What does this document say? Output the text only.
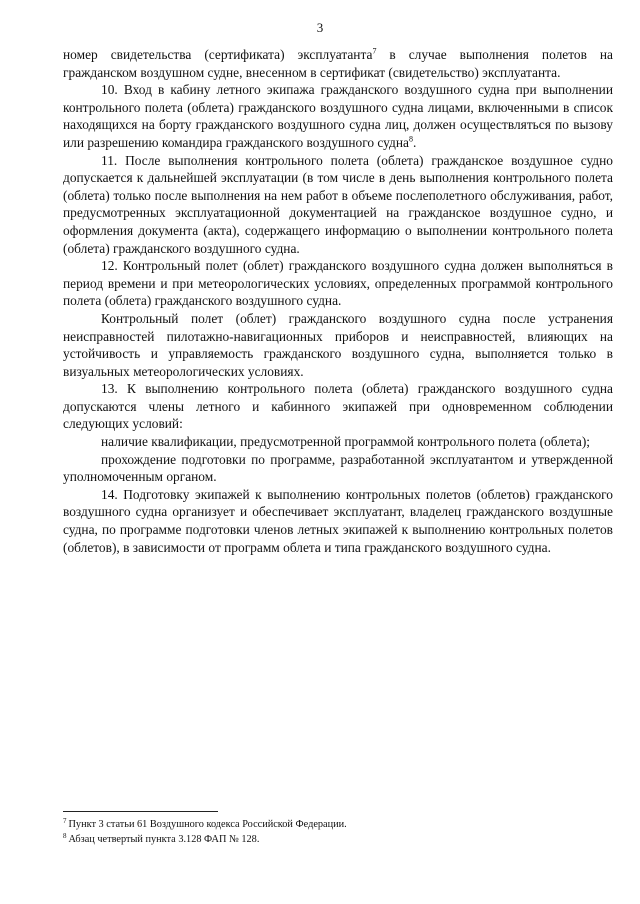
3

номер свидетельства (сертификата) эксплуатанта$^7$ в случае выполнения полетов на гражданском воздушном судне, внесенном в сертификат (свидетельство) эксплуатанта.

10. Вход в кабину летного экипажа гражданского воздушного судна при выполнении контрольного полета (облета) гражданского воздушного судна лицами, включенными в список находящихся на борту гражданского воздушного судна лиц, должен осуществляться по вызову или разрешению командира гражданского воздушного судна$^8$.

11. После выполнения контрольного полета (облета) гражданское воздушное судно допускается к дальнейшей эксплуатации (в том числе в день выполнения контрольного полета (облета) только после выполнения на нем работ в объеме послеполетного обслуживания, работ, предусмотренных эксплуатационной документацией на гражданское воздушное судно, и оформления документа (акта), содержащего информацию о выполнении контрольного полета (облета) гражданского воздушного судна.

12. Контрольный полет (облет) гражданского воздушного судна должен выполняться в период времени и при метеорологических условиях, определенных программой контрольного полета (облета) гражданского воздушного судна.

Контрольный полет (облет) гражданского воздушного судна после устранения неисправностей пилотажно-навигационных приборов и неисправностей, влияющих на устойчивость и управляемость гражданского воздушного судна, выполняется только в визуальных метеорологических условиях.

13. К выполнению контрольного полета (облета) гражданского воздушного судна допускаются члены летного и кабинного экипажей при одновременном соблюдении следующих условий:

наличие квалификации, предусмотренной программой контрольного полета (облета);

прохождение подготовки по программе, разработанной эксплуатантом и утвержденной уполномоченным органом.

14. Подготовку экипажей к выполнению контрольных полетов (облетов) гражданского воздушного судна организует и обеспечивает эксплуатант, владелец гражданского воздушные судна, по программе подготовки членов летных экипажей к выполнению контрольных полетов (облетов), в зависимости от программ облета и типа гражданского воздушного судна.

$^7$ Пункт 3 статьи 61 Воздушного кодекса Российской Федерации.

$^8$ Абзац четвертый пункта 3.128 ФАП № 128.
